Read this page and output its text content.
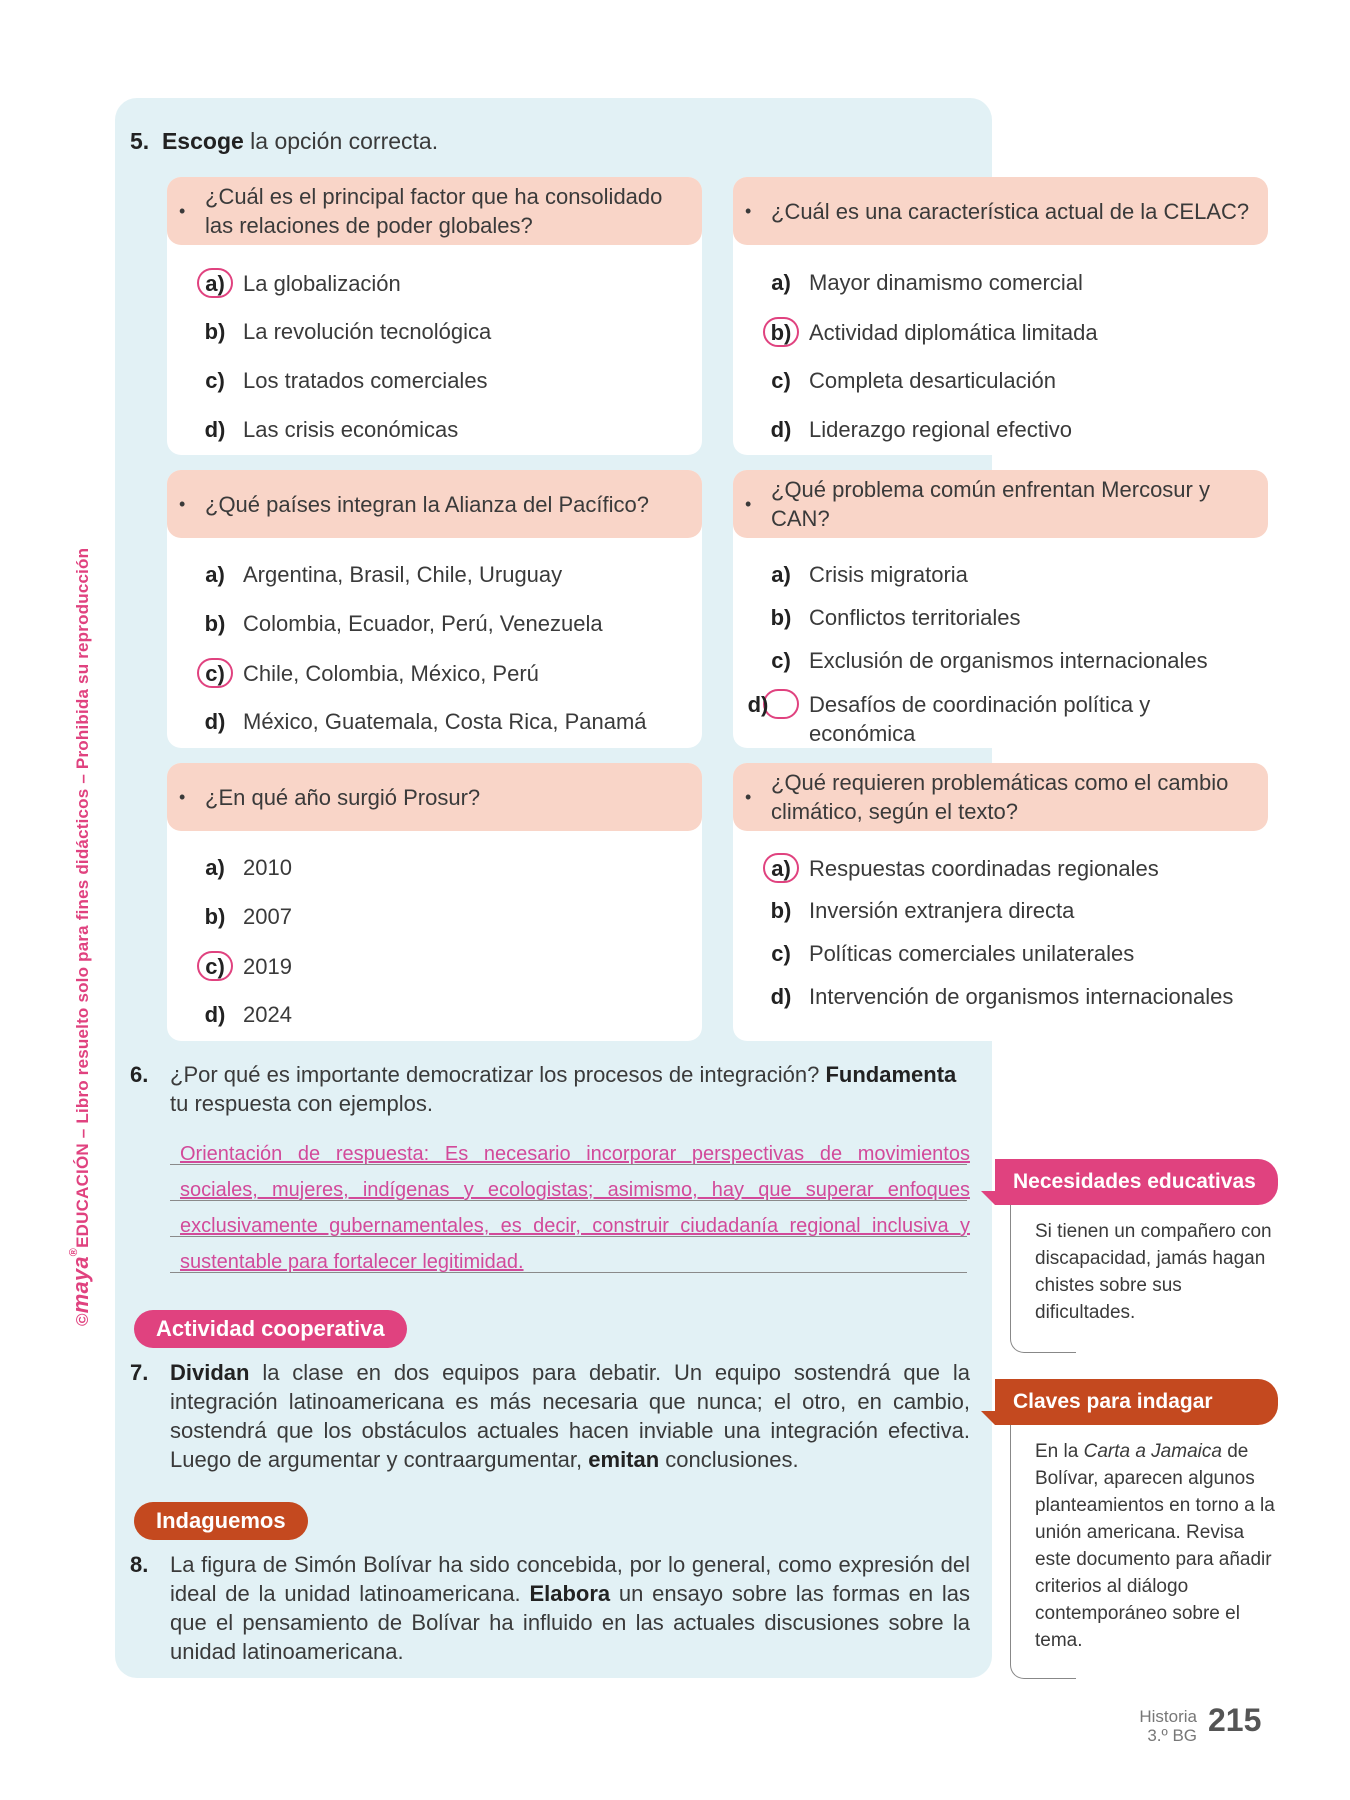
©maya®EDUCACIÓN – Libro resuelto solo para fines didácticos – Prohibida su reproducción
5. Escoge la opción correcta.
•
¿Cuál es el principal factor que ha consolidado las relaciones de poder globales?
a) La globalización
b) La revolución tecnológica
c) Los tratados comerciales
d) Las crisis económicas
• ¿Cuál es una característica actual de la CELAC?
a) Mayor dinamismo comercial
b) Actividad diplomática limitada
c) Completa desarticulación
d) Liderazgo regional efectivo
• ¿Qué países integran la Alianza del Pacífico?
a) Argentina, Brasil, Chile, Uruguay
b) Colombia, Ecuador, Perú, Venezuela
c) Chile, Colombia, México, Perú
d) México, Guatemala, Costa Rica, Panamá
•
¿Qué problema común enfrentan Mercosur y CAN?
a) Crisis migratoria
b) Conflictos territoriales
c) Exclusión de organismos internacionales
d) Desafíos de coordinación política y económica
• ¿En qué año surgió Prosur?
a) 2010
b) 2007
c) 2019
d) 2024
•
¿Qué requieren problemáticas como el cambio climático, según el texto?
a) Respuestas coordinadas regionales
b) Inversión extranjera directa
c) Políticas comerciales unilaterales
d) Intervención de organismos internacionales
6. ¿Por qué es importante democratizar los procesos de integración? Fundamenta
tu respuesta con ejemplos.
Orientación de respuesta: Es necesario incorporar perspectivas de movimientos sociales, mujeres, indígenas y ecologistas; asimismo, hay que superar enfoques exclusivamente gubernamentales, es decir, construir ciudadanía regional inclusiva y sustentable para fortalecer legitimidad.
Actividad cooperativa
7. Dividan la clase en dos equipos para debatir. Un equipo sostendrá que la integración latinoamericana es más necesaria que nunca; el otro, en cambio, sostendrá que los obstáculos actuales hacen inviable una integración efectiva. Luego de argumentar y contraargumentar, emitan conclusiones.
Indaguemos
8. La figura de Simón Bolívar ha sido concebida, por lo general, como expresión del ideal de la unidad latinoamericana. Elabora un ensayo sobre las formas en las que el pensamiento de Bolívar ha influido en las actuales discusiones sobre la unidad latinoamericana.
Necesidades educativas
Si tienen un compañero con discapacidad, jamás hagan chistes sobre sus dificultades.
Claves para indagar
En la Carta a Jamaica de Bolívar, aparecen algunos planteamientos en torno a la unión americana. Revisa este documento para añadir criterios al diálogo contemporáneo sobre el tema.
Historia
3.º BG 215
